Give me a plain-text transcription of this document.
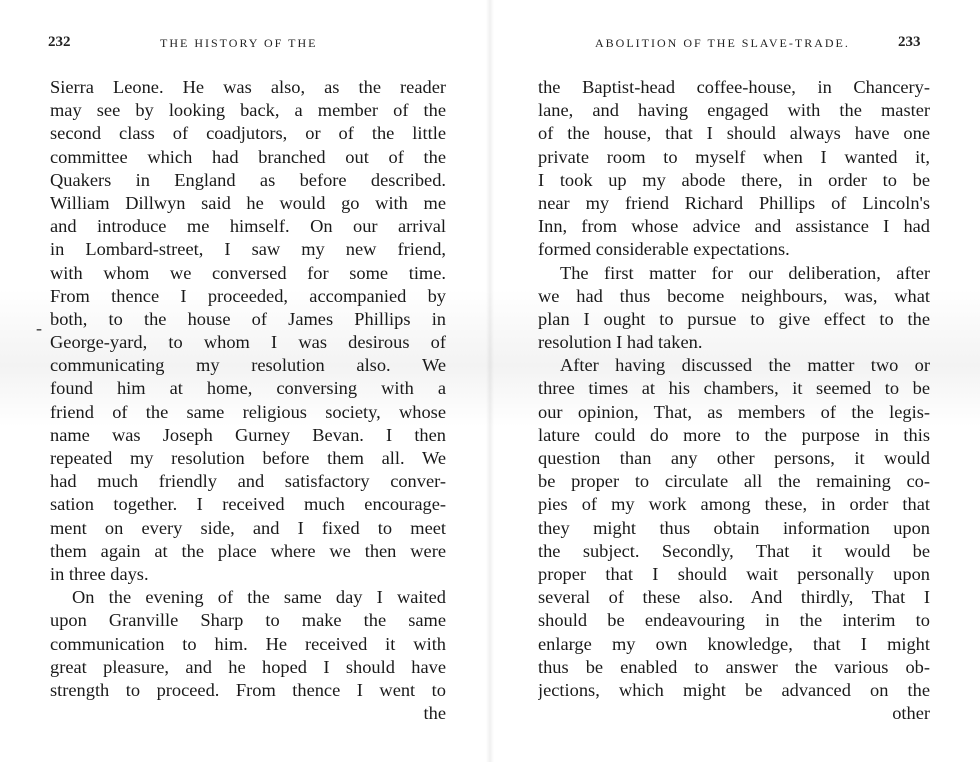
232	THE HISTORY OF THE
-
Sierra Leone. He was also, as the reader
may see by looking back, a member of the
second class of coadjutors, or of the little
committee which had branched out of the
Quakers in England as before described.
William Dillwyn said he would go with me
and introduce me himself. On our arrival
in Lombard-street, I saw my new friend,
with whom we conversed for some time.
From thence I proceeded, accompanied by
both, to the house of James Phillips in
George-yard, to whom I was desirous of
communicating my resolution also. We
found him at home, conversing with a
friend of the same religious society, whose
name was Joseph Gurney Bevan. I then
repeated my resolution before them all. We
had much friendly and satisfactory conver-
sation together. I received much encourage-
ment on every side, and I fixed to meet
them again at the place where we then were
in three days.
On the evening of the same day I waited
upon Granville Sharp to make the same
communication to him. He received it with
great pleasure, and he hoped I should have
strength to proceed. From thence I went to
the
ABOLITION OF THE SLAVE-TRADE.	233
the Baptist-head coffee-house, in Chancery-
lane, and having engaged with the master
of the house, that I should always have one
private room to myself when I wanted it,
I took up my abode there, in order to be
near my friend Richard Phillips of Lincoln's
Inn, from whose advice and assistance I had
formed considerable expectations.
The first matter for our deliberation, after
we had thus become neighbours, was, what
plan I ought to pursue to give effect to the
resolution I had taken.
After having discussed the matter two or
three times at his chambers, it seemed to be
our opinion, That, as members of the legis-
lature could do more to the purpose in this
question than any other persons, it would
be proper to circulate all the remaining co-
pies of my work among these, in order that
they might thus obtain information upon
the subject. Secondly, That it would be
proper that I should wait personally upon
several of these also. And thirdly, That I
should be endeavouring in the interim to
enlarge my own knowledge, that I might
thus be enabled to answer the various ob-
jections, which might be advanced on the
other
